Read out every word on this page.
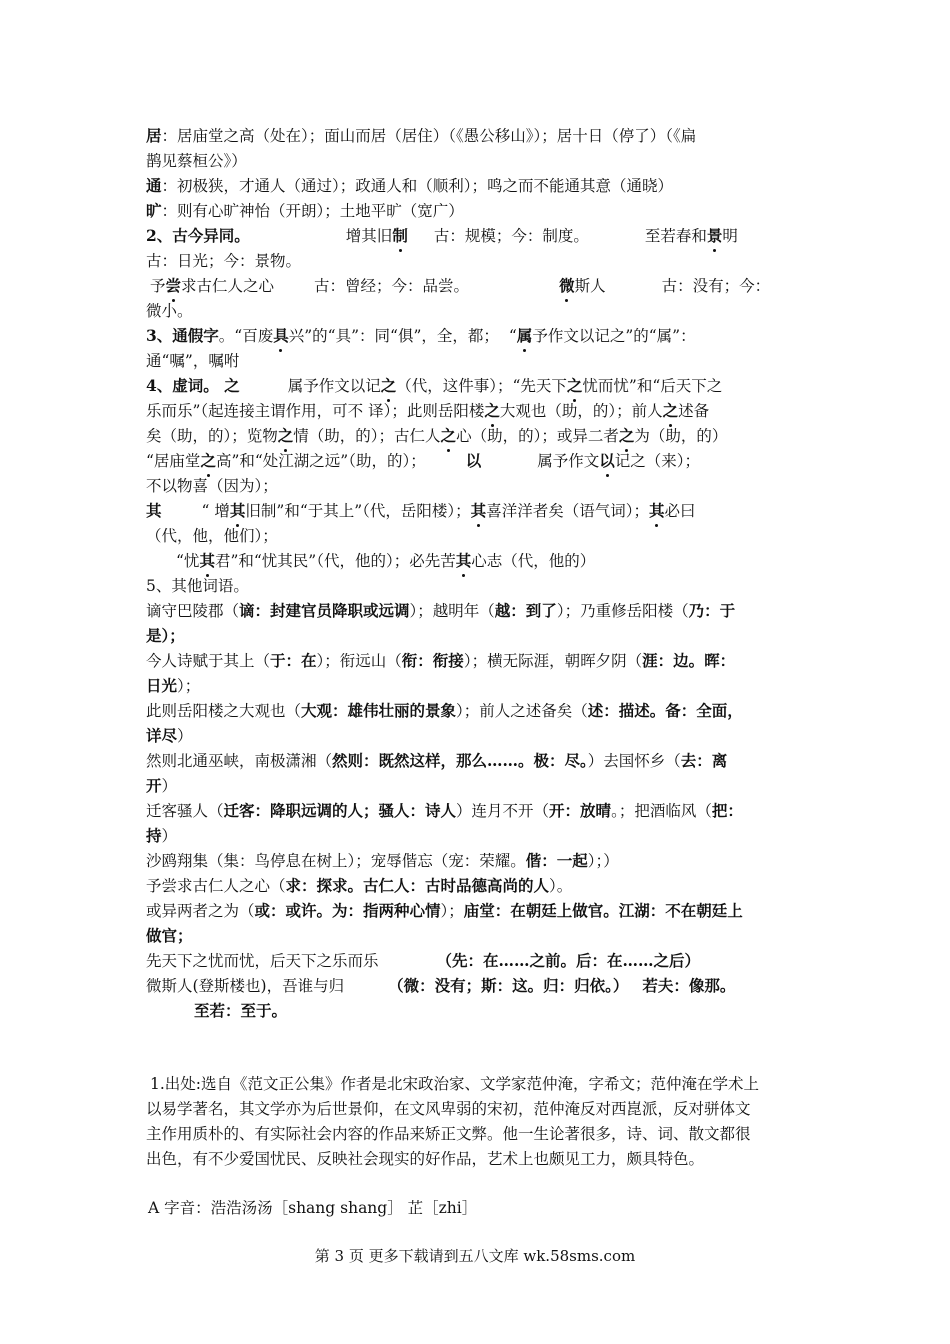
居：居庙堂之高（处在）；面山而居（居住）（《愚公移山》）；居十日（停了）（《扁
鹊见蔡桓公》）
通：初极狭，才通人（通过）；政通人和（顺利）；鸣之而不能通其意（通晓）
旷：则有心旷神怡（开朗）；土地平旷（宽广）
2、古今异同。	增其旧制 古：规模；今：制度。	至若春和景明
古：日光；今：景物。
予尝求古仁人之心	古：曾经；今：品尝。	微斯人	古：没有；今：
微小。
3、通假字。“百废具兴”的“具”：同“俱”，全，都； “属予作文以记之”的“属”：
通“嘱”，嘱咐
4、虚词。 之	属予作文以记之（代，这件事）；“先天下之忧而忧”和“后天下之
乐而乐”（起连接主谓作用，可不 译）；此则岳阳楼之大观也（助，的）；前人之述备
矣（助，的）；览物之情（助，的）；古仁人之心（助，的）；或异二者之为（助，的）
“居庙堂之高”和“处江湖之远”（助，的）；	以	属予作文以记之（来）；
不以物喜（因为）；
其	“ 增其旧制”和“于其上”（代，岳阳楼）；其喜洋洋者矣（语气词）；其必曰
（代，他，他们）；
“忧其君”和“忧其民”（代，他的）；必先苦其心志（代，他的）
5、其他词语。
谪守巴陵郡（谪：封建官员降职或远调）；越明年（越：到了）；乃重修岳阳楼（乃：于
是）；
今人诗赋于其上（于：在）；衔远山（衔：衔接）；横无际涯，朝晖夕阴（涯：边。晖：
日光）；
此则岳阳楼之大观也（大观：雄伟壮丽的景象）；前人之述备矣（述：描述。备：全面，
详尽）
然则北通巫峡，南极潇湘（然则：既然这样，那么……。极：尽。）去国怀乡（去：离
开）
迁客骚人（迁客：降职远调的人；骚人：诗人）连月不开（开：放晴。；把酒临风（把：
持）
沙鸥翔集（集：鸟停息在树上）；宠辱偕忘（宠：荣耀。偕：一起）；）
予尝求古仁人之心（求：探求。古仁人：古时品德高尚的人）。
或异两者之为（或：或许。为：指两种心情）；庙堂：在朝廷上做官。江湖：不在朝廷上
做官；
先天下之忧而忧，后天下之乐而乐	（先：在……之前。后：在……之后）
微斯人(登斯楼也)，吾谁与归	（微：没有；斯：这。归：归依。） 若夫：像那。
至若：至于。
1.出处:选自《范文正公集》作者是北宋政治家、文学家范仲淹，字希文；范仲淹在学术上
以易学著名，其文学亦为后世景仰，在文风卑弱的宋初，范仲淹反对西崑派，反对骈体文
主作用质朴的、有实际社会内容的作品来矫正文弊。他一生论著很多，诗、词、散文都很
出色，有不少爱国忧民、反映社会现实的好作品，艺术上也颇见工力，颇具特色。
A 字音：浩浩汤汤［shang shang］ 芷［zhi］
第 3 页 更多下载请到五八文库 wk.58sms.com
